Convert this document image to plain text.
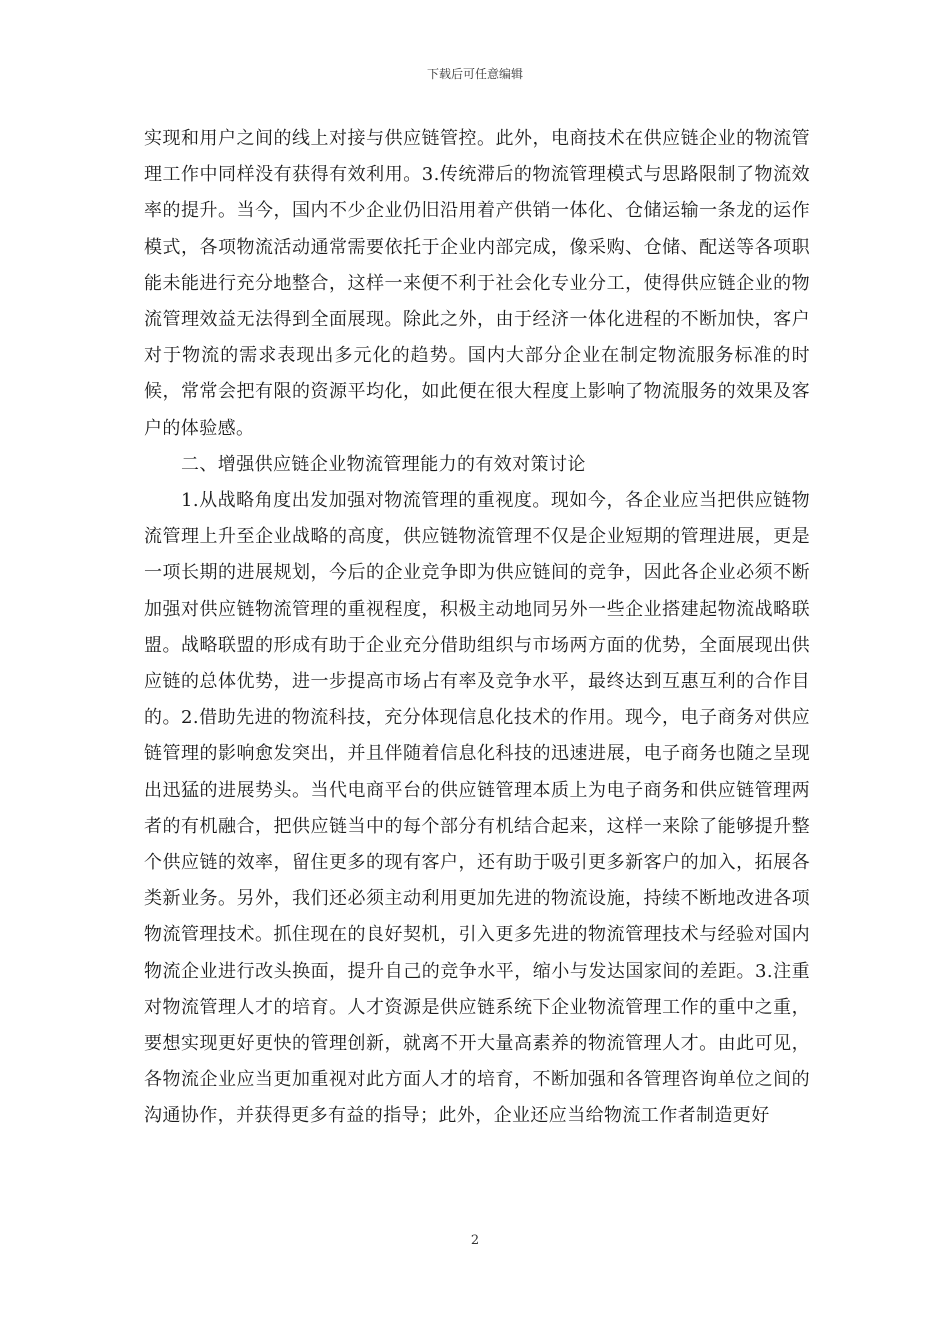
下载后可任意编辑

实现和用户之间的线上对接与供应链管控。此外，电商技术在供应链企业的物流管理工作中同样没有获得有效利用。3.传统滞后的物流管理模式与思路限制了物流效率的提升。当今，国内不少企业仍旧沿用着产供销一体化、仓储运输一条龙的运作模式，各项物流活动通常需要依托于企业内部完成，像采购、仓储、配送等各项职能未能进行充分地整合，这样一来便不利于社会化专业分工，使得供应链企业的物流管理效益无法得到全面展现。除此之外，由于经济一体化进程的不断加快，客户对于物流的需求表现出多元化的趋势。国内大部分企业在制定物流服务标准的时候，常常会把有限的资源平均化，如此便在很大程度上影响了物流服务的效果及客户的体验感。

二、增强供应链企业物流管理能力的有效对策讨论

1.从战略角度出发加强对物流管理的重视度。现如今，各企业应当把供应链物流管理上升至企业战略的高度，供应链物流管理不仅是企业短期的管理进展，更是一项长期的进展规划，今后的企业竞争即为供应链间的竞争，因此各企业必须不断加强对供应链物流管理的重视程度，积极主动地同另外一些企业搭建起物流战略联盟。战略联盟的形成有助于企业充分借助组织与市场两方面的优势，全面展现出供应链的总体优势，进一步提高市场占有率及竞争水平，最终达到互惠互利的合作目的。2.借助先进的物流科技，充分体现信息化技术的作用。现今，电子商务对供应链管理的影响愈发突出，并且伴随着信息化科技的迅速进展，电子商务也随之呈现出迅猛的进展势头。当代电商平台的供应链管理本质上为电子商务和供应链管理两者的有机融合，把供应链当中的每个部分有机结合起来，这样一来除了能够提升整个供应链的效率，留住更多的现有客户，还有助于吸引更多新客户的加入，拓展各类新业务。另外，我们还必须主动利用更加先进的物流设施，持续不断地改进各项物流管理技术。抓住现在的良好契机，引入更多先进的物流管理技术与经验对国内物流企业进行改头换面，提升自己的竞争水平，缩小与发达国家间的差距。3.注重对物流管理人才的培育。人才资源是供应链系统下企业物流管理工作的重中之重，要想实现更好更快的管理创新，就离不开大量高素养的物流管理人才。由此可见，各物流企业应当更加重视对此方面人才的培育，不断加强和各管理咨询单位之间的沟通协作，并获得更多有益的指导；此外，企业还应当给物流工作者制造更好

2
